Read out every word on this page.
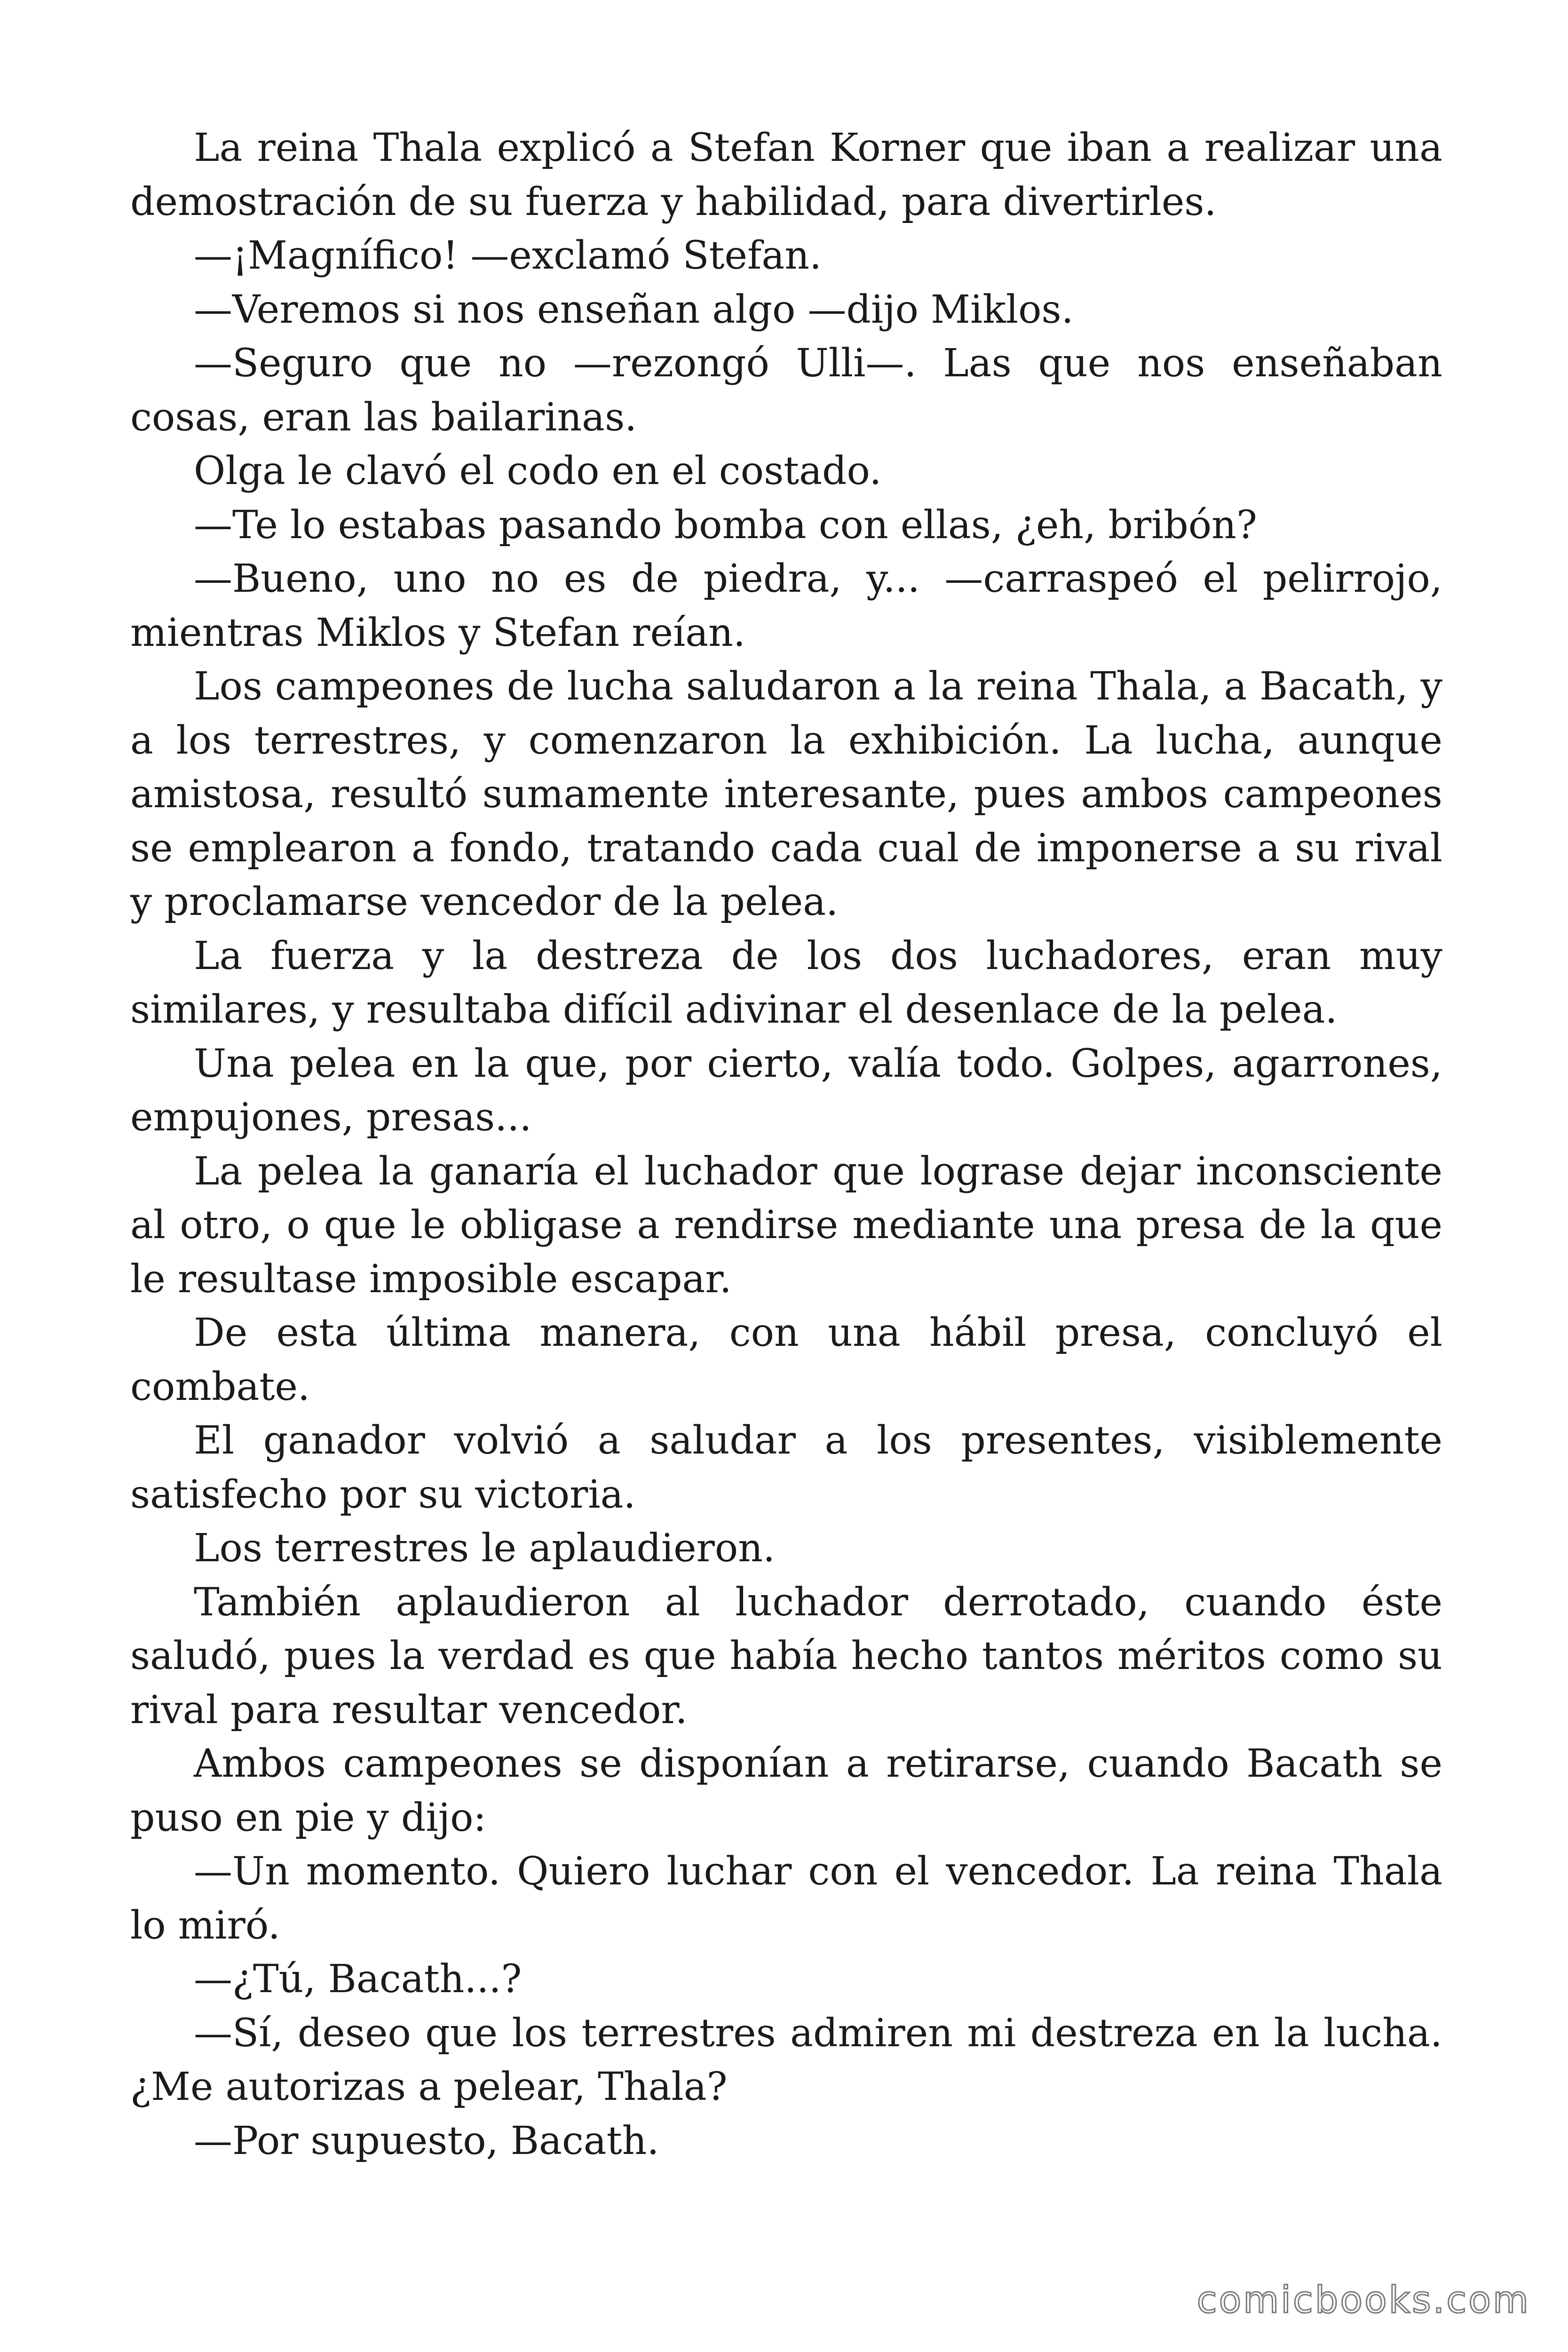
La reina Thala explicó a Stefan Korner que iban a realizar una demostración de su fuerza y habilidad, para divertirles.

—¡Magnífico! —exclamó Stefan.

—Veremos si nos enseñan algo —dijo Miklos.

—Seguro que no —rezongó Ulli—. Las que nos enseñaban cosas, eran las bailarinas.

Olga le clavó el codo en el costado.

—Te lo estabas pasando bomba con ellas, ¿eh, bribón?

—Bueno, uno no es de piedra, y... —carraspeó el pelirrojo, mientras Miklos y Stefan reían.

Los campeones de lucha saludaron a la reina Thala, a Bacath, y a los terrestres, y comenzaron la exhibición. La lucha, aunque amistosa, resultó sumamente interesante, pues ambos campeones se emplearon a fondo, tratando cada cual de imponerse a su rival y proclamarse vencedor de la pelea.

La fuerza y la destreza de los dos luchadores, eran muy similares, y resultaba difícil adivinar el desenlace de la pelea.

Una pelea en la que, por cierto, valía todo. Golpes, agarrones, empujones, presas...

La pelea la ganaría el luchador que lograse dejar inconsciente al otro, o que le obligase a rendirse mediante una presa de la que le resultase imposible escapar.

De esta última manera, con una hábil presa, concluyó el combate.

El ganador volvió a saludar a los presentes, visiblemente satisfecho por su victoria.

Los terrestres le aplaudieron.

También aplaudieron al luchador derrotado, cuando éste saludó, pues la verdad es que había hecho tantos méritos como su rival para resultar vencedor.

Ambos campeones se disponían a retirarse, cuando Bacath se puso en pie y dijo:

—Un momento. Quiero luchar con el vencedor. La reina Thala lo miró.

—¿Tú, Bacath...?

—Sí, deseo que los terrestres admiren mi destreza en la lucha. ¿Me autorizas a pelear, Thala?

—Por supuesto, Bacath.

comicbooks.com
